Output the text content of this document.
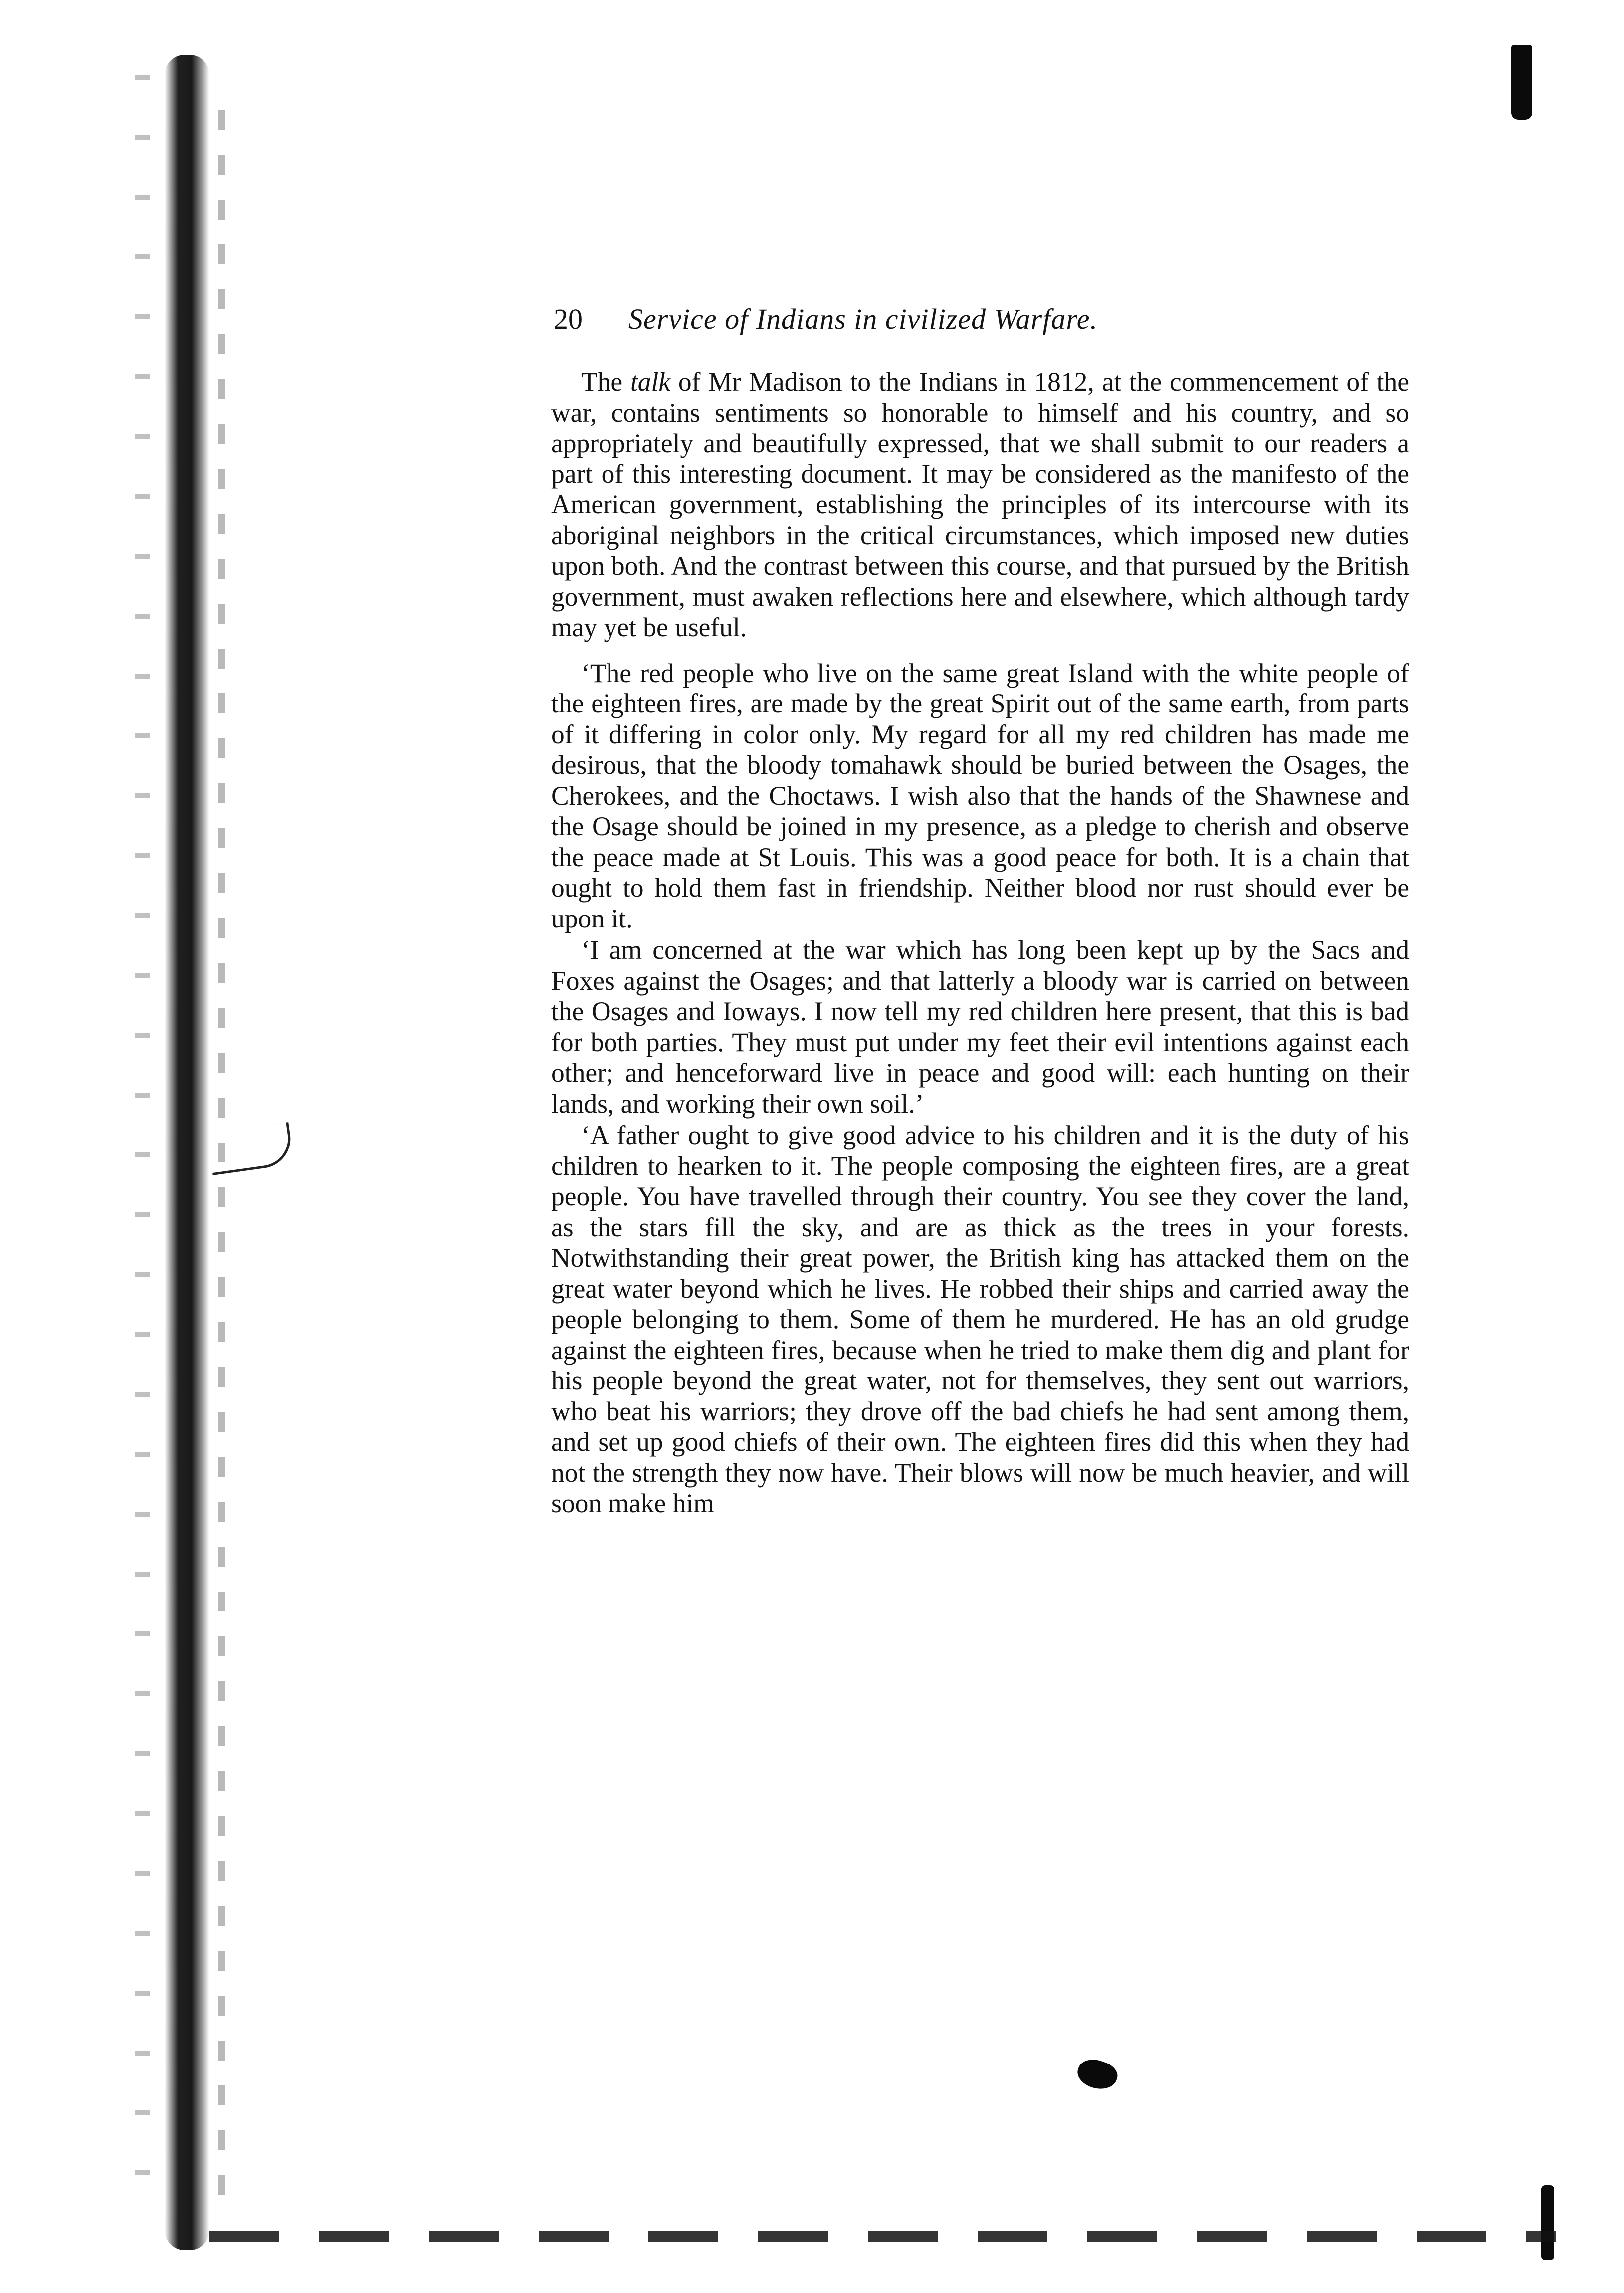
20 Service of Indians in civilized Warfare.

The talk of Mr Madison to the Indians in 1812, at the commencement of the war, contains sentiments so honorable to himself and his country, and so appropriately and beautifully expressed, that we shall submit to our readers a part of this interesting document. It may be considered as the manifesto of the American government, establishing the principles of its intercourse with its aboriginal neighbors in the critical circumstances, which imposed new duties upon both. And the contrast between this course, and that pursued by the British government, must awaken reflections here and elsewhere, which although tardy may yet be useful.

‘The red people who live on the same great Island with the white people of the eighteen fires, are made by the great Spirit out of the same earth, from parts of it differing in color only. My regard for all my red children has made me desirous, that the bloody tomahawk should be buried between the Osages, the Cherokees, and the Choctaws. I wish also that the hands of the Shawnese and the Osage should be joined in my presence, as a pledge to cherish and observe the peace made at St Louis. This was a good peace for both. It is a chain that ought to hold them fast in friendship. Neither blood nor rust should ever be upon it.

‘I am concerned at the war which has long been kept up by the Sacs and Foxes against the Osages; and that latterly a bloody war is carried on between the Osages and Ioways. I now tell my red children here present, that this is bad for both parties. They must put under my feet their evil intentions against each other; and henceforward live in peace and good will: each hunting on their lands, and working their own soil.’

‘A father ought to give good advice to his children and it is the duty of his children to hearken to it. The people composing the eighteen fires, are a great people. You have travelled through their country. You see they cover the land, as the stars fill the sky, and are as thick as the trees in your forests. Notwithstanding their great power, the British king has attacked them on the great water beyond which he lives. He robbed their ships and carried away the people belonging to them. Some of them he murdered. He has an old grudge against the eighteen fires, because when he tried to make them dig and plant for his people beyond the great water, not for themselves, they sent out warriors, who beat his warriors; they drove off the bad chiefs he had sent among them, and set up good chiefs of their own. The eighteen fires did this when they had not the strength they now have. Their blows will now be much heavier, and will soon make him
